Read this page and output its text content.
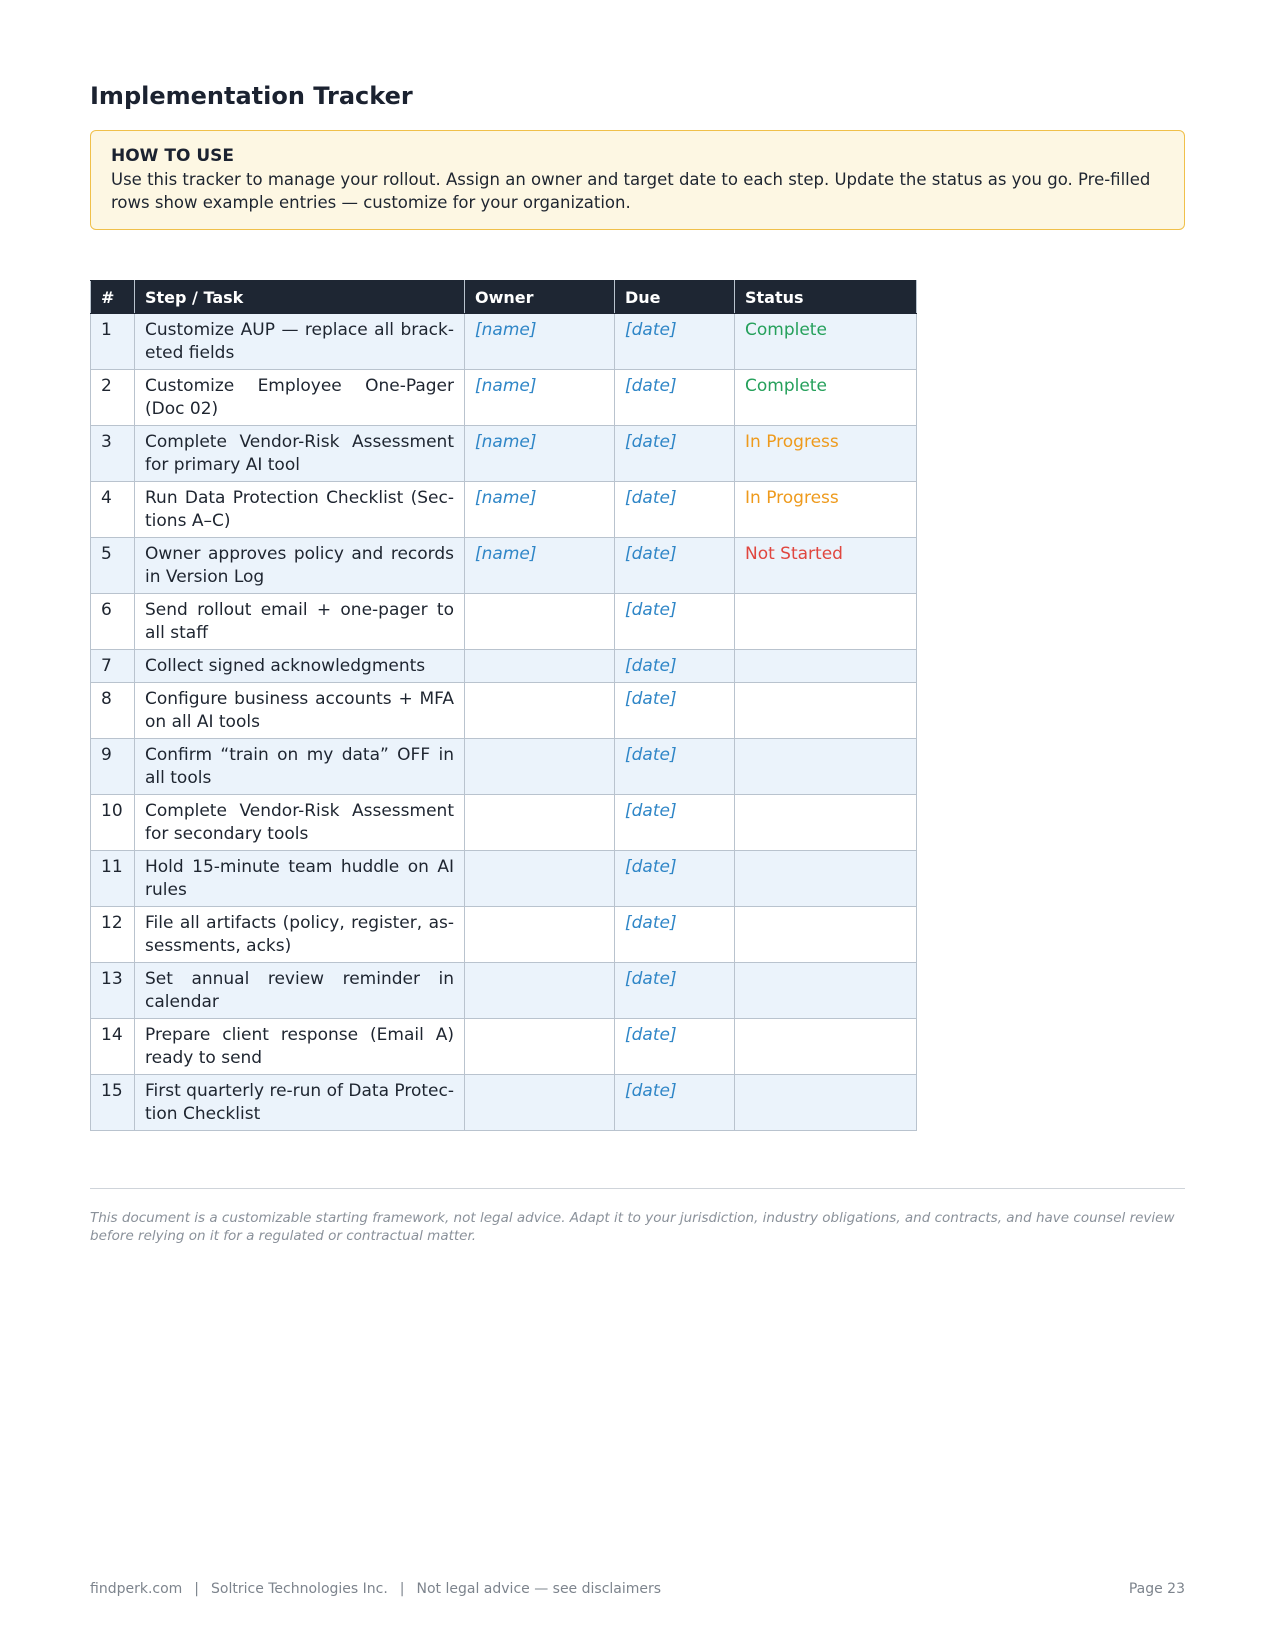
Implementation Tracker
HOW TO USE
Use this tracker to manage your rollout. Assign an owner and target date to each step. Update the status as you go. Pre-filled rows show example entries — customize for your organization.
#	Step / Task	Owner	Due	Status
1	Customize AUP — replace all bracketed fields	[name]	[date]	Complete
2	Customize Employee One-Pager (Doc 02)	[name]	[date]	Complete
3	Complete Vendor-Risk Assessment for primary AI tool	[name]	[date]	In Progress
4	Run Data Protection Checklist (Sections A–C)	[name]	[date]	In Progress
5	Owner approves policy and records in Version Log	[name]	[date]	Not Started
6	Send rollout email + one-pager to all staff		[date]	
7	Collect signed acknowledgments		[date]	
8	Configure business accounts + MFA on all AI tools		[date]	
9	Confirm “train on my data” OFF in all tools		[date]	
10	Complete Vendor-Risk Assessment for secondary tools		[date]	
11	Hold 15-minute team huddle on AI rules		[date]	
12	File all artifacts (policy, register, assessments, acks)		[date]	
13	Set annual review reminder in calendar		[date]	
14	Prepare client response (Email A) ready to send		[date]	
15	First quarterly re-run of Data Protection Checklist		[date]	

This document is a customizable starting framework, not legal advice. Adapt it to your jurisdiction, industry obligations, and contracts, and have counsel review before relying on it for a regulated or contractual matter.

findperk.com | Soltrice Technologies Inc. | Not legal advice — see disclaimers	Page 23
